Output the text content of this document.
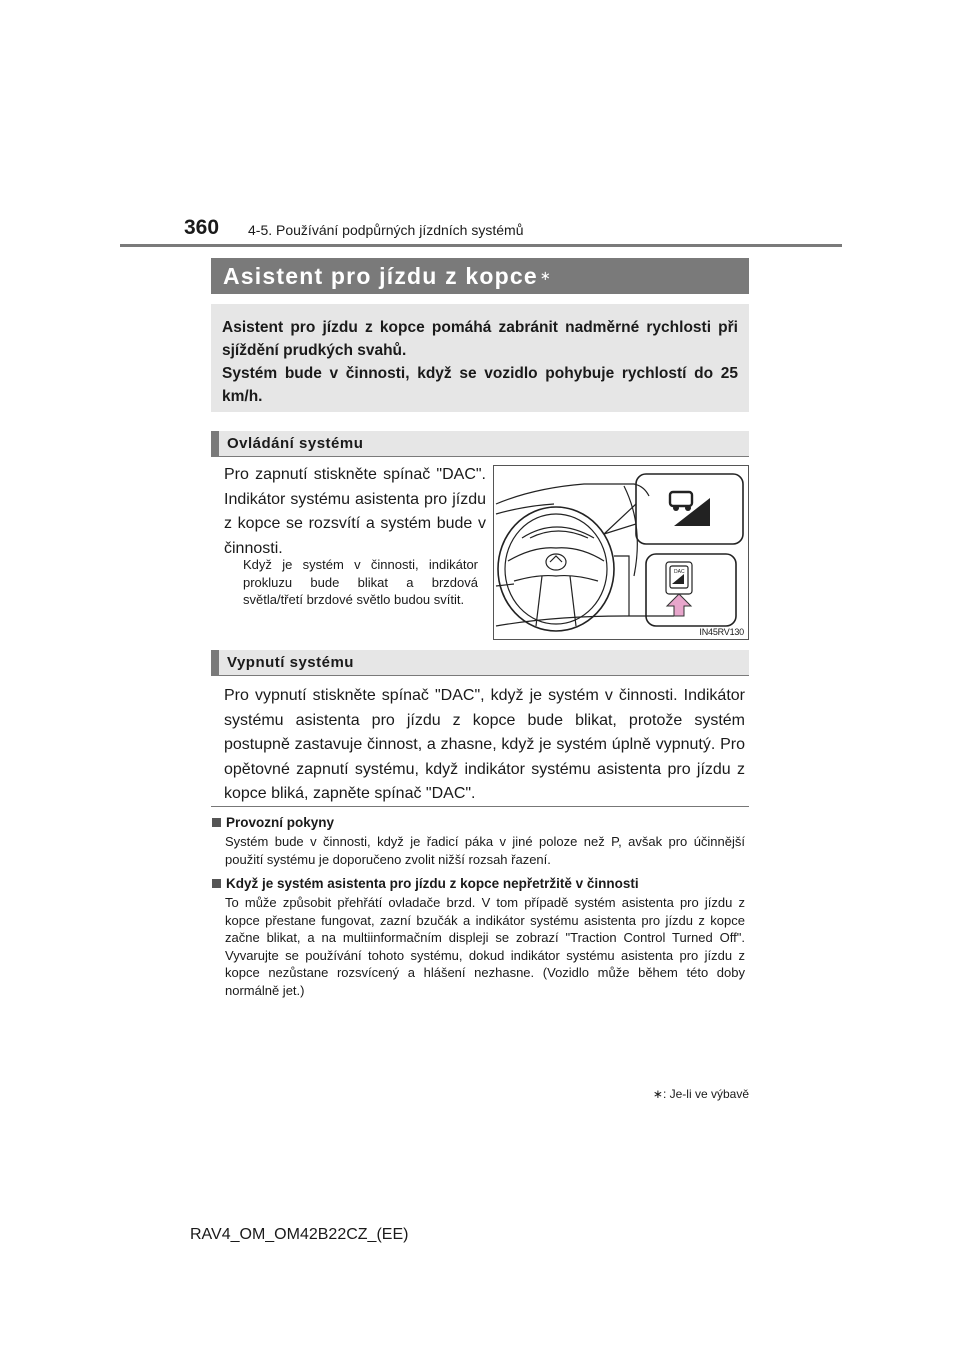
360 4-5. Používání podpůrných jízdních systémů
Asistent pro jízdu z kopce ∗

Asistent pro jízdu z kopce pomáhá zabránit nadměrné rychlosti při sjíždění prudkých svahů.

Systém bude v činnosti, když se vozidlo pohybuje rychlostí do 25 km/h.

Ovládání systému

Pro zapnutí stiskněte spínač "DAC". Indikátor systému asistenta pro jízdu z kopce se rozsvítí a systém bude v činnosti.

Když je systém v činnosti, indikátor prokluzu bude blikat a brzdová světla/třetí brzdové světlo budou svítit.

DAC
IN45RV130
Vypnutí systému

Pro vypnutí stiskněte spínač "DAC", když je systém v činnosti. Indikátor systému asistenta pro jízdu z kopce bude blikat, protože systém postupně zastavuje činnost, a zhasne, když je systém úplně vypnutý. Pro opětovné zapnutí systému, když indikátor systému asistenta pro jízdu z kopce bliká, zapněte spínač "DAC".

Provozní pokyny

Systém bude v činnosti, když je řadicí páka v jiné poloze než P, avšak pro účinnější použití systému je doporučeno zvolit nižší rozsah řazení.

Když je systém asistenta pro jízdu z kopce nepřetržitě v činnosti

To může způsobit přehřátí ovladače brzd. V tom případě systém asistenta pro jízdu z kopce přestane fungovat, zazní bzučák a indikátor systému asistenta pro jízdu z kopce začne blikat, a na multiinformačním displeji se zobrazí "Traction Control Turned Off". Vyvarujte se používání tohoto systému, dokud indikátor systému asistenta pro jízdu z kopce nezůstane rozsvícený a hlášení nezhasne. (Vozidlo může během této doby normálně jet.)

∗: Je-li ve výbavě
RAV4_OM_OM42B22CZ_(EE)
